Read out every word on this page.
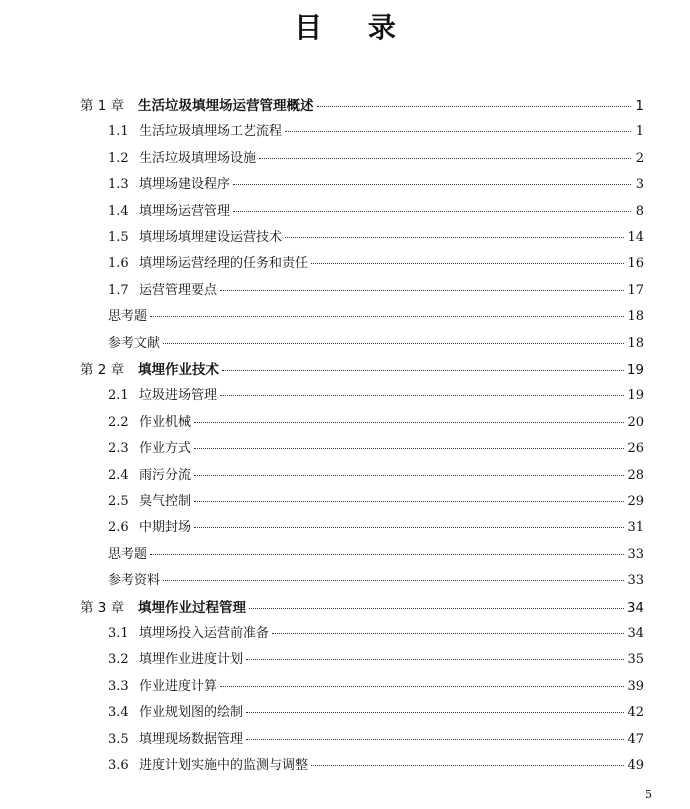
目 录
第 1 章	生活垃圾填埋场运营管理概述	1
1.1 生活垃圾填埋场工艺流程	1
1.2 生活垃圾填埋场设施	2
1.3 填埋场建设程序	3
1.4 填埋场运营管理	8
1.5 填埋场填埋建设运营技术	14
1.6 填埋场运营经理的任务和责任	16
1.7 运营管理要点	17
思考题	18
参考文献	18
第 2 章	填埋作业技术	19
2.1 垃圾进场管理	19
2.2 作业机械	20
2.3 作业方式	26
2.4 雨污分流	28
2.5 臭气控制	29
2.6 中期封场	31
思考题	33
参考资料	33
第 3 章	填埋作业过程管理	34
3.1 填埋场投入运营前准备	34
3.2 填埋作业进度计划	35
3.3 作业进度计算	39
3.4 作业规划图的绘制	42
3.5 填埋现场数据管理	47
3.6 进度计划实施中的监测与调整	49
5
